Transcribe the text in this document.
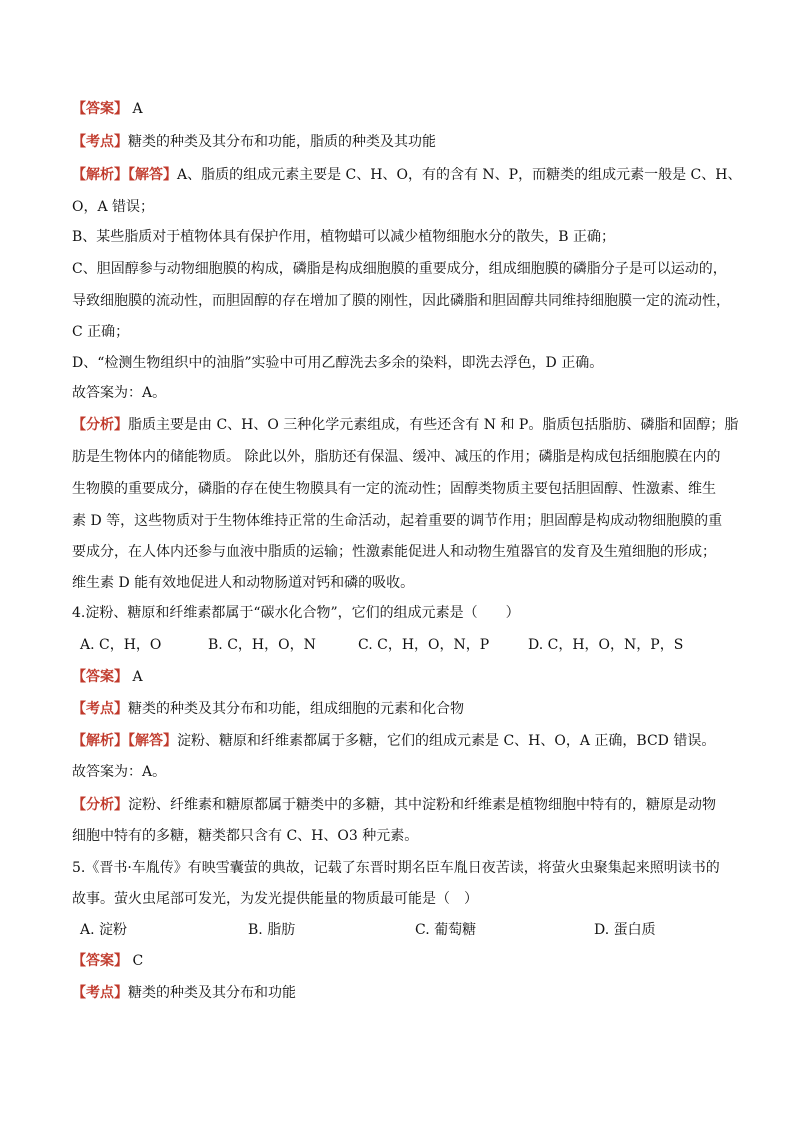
【答案】 A
【考点】糖类的种类及其分布和功能，脂质的种类及其功能
【解析】【解答】A、脂质的组成元素主要是 C、H、O，有的含有 N、P，而糖类的组成元素一般是 C、H、
O，A 错误；
B、某些脂质对于植物体具有保护作用，植物蜡可以减少植物细胞水分的散失，B 正确；
C、胆固醇参与动物细胞膜的构成，磷脂是构成细胞膜的重要成分，组成细胞膜的磷脂分子是可以运动的，
导致细胞膜的流动性，而胆固醇的存在增加了膜的刚性，因此磷脂和胆固醇共同维持细胞膜一定的流动性，
C 正确；
D、“检测生物组织中的油脂”实验中可用乙醇洗去多余的染料，即洗去浮色，D 正确。
故答案为：A。
【分析】脂质主要是由 C、H、O 三种化学元素组成，有些还含有 N 和 P。脂质包括脂肪、磷脂和固醇；脂
肪是生物体内的储能物质。 除此以外，脂肪还有保温、缓冲、减压的作用；磷脂是构成包括细胞膜在内的
生物膜的重要成分，磷脂的存在使生物膜具有一定的流动性；固醇类物质主要包括胆固醇、性激素、维生
素 D 等，这些物质对于生物体维持正常的生命活动，起着重要的调节作用；胆固醇是构成动物细胞膜的重
要成分，在人体内还参与血液中脂质的运输；性激素能促进人和动物生殖器官的发育及生殖细胞的形成；
维生素 D 能有效地促进人和动物肠道对钙和磷的吸收。
4.淀粉、糖原和纤维素都属于“碳水化合物”，它们的组成元素是（　　）
A. C，H，O	B. C，H，O，N	C. C，H，O，N，P	D. C，H，O，N，P，S
【答案】 A
【考点】糖类的种类及其分布和功能，组成细胞的元素和化合物
【解析】【解答】淀粉、糖原和纤维素都属于多糖，它们的组成元素是 C、H、O，A 正确，BCD 错误。
故答案为：A。
【分析】淀粉、纤维素和糖原都属于糖类中的多糖，其中淀粉和纤维素是植物细胞中特有的，糖原是动物
细胞中特有的多糖，糖类都只含有 C、H、O3 种元素。
5.《晋书·车胤传》有映雪囊萤的典故，记载了东晋时期名臣车胤日夜苦读，将萤火虫聚集起来照明读书的
故事。萤火虫尾部可发光，为发光提供能量的物质最可能是（　）
A. 淀粉	B. 脂肪	C. 葡萄糖	D. 蛋白质
【答案】 C
【考点】糖类的种类及其分布和功能
